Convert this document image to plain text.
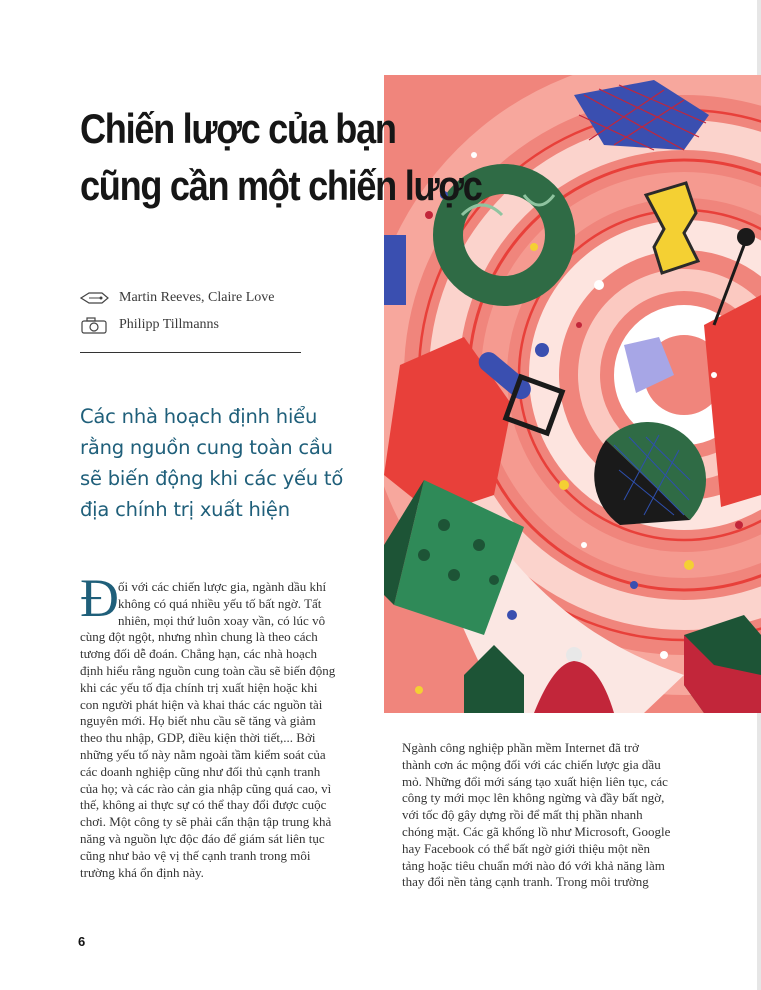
Chiến lược của bạn
cũng cần một chiến lược
Martin Reeves, Claire Love
Philipp Tillmanns
Các nhà hoạch định hiểu
rằng nguồn cung toàn cầu
sẽ biến động khi các yếu tố
địa chính trị xuất hiện
Đ ối với các chiến lược gia, ngành dầu khí
không có quá nhiều yếu tố bất ngờ. Tất
nhiên, mọi thứ luôn xoay vần, có lúc vô
cùng đột ngột, nhưng nhìn chung là theo cách
tương đối dễ đoán. Chẳng hạn, các nhà hoạch
định hiểu rằng nguồn cung toàn cầu sẽ biến động
khi các yếu tố địa chính trị xuất hiện hoặc khi
con người phát hiện và khai thác các nguồn tài
nguyên mới. Họ biết nhu cầu sẽ tăng và giảm
theo thu nhập, GDP, điều kiện thời tiết,... Bởi
những yếu tố này nằm ngoài tầm kiểm soát của
các doanh nghiệp cũng như đối thủ cạnh tranh
của họ; và các rào cản gia nhập cũng quá cao, vì
thế, không ai thực sự có thể thay đổi được cuộc
chơi. Một công ty sẽ phải cẩn thận tập trung khả
năng và nguồn lực độc đáo để giám sát liên tục
cũng như bảo vệ vị thế cạnh tranh trong môi
trường khá ổn định này.
Ngành công nghiệp phần mềm Internet đã trở
thành cơn ác mộng đối với các chiến lược gia dầu
mỏ. Những đổi mới sáng tạo xuất hiện liên tục, các
công ty mới mọc lên không ngừng và đầy bất ngờ,
với tốc độ gây dựng rồi để mất thị phần nhanh
chóng mặt. Các gã khổng lồ như Microsoft, Google
hay Facebook có thể bất ngờ giới thiệu một nền
tảng hoặc tiêu chuẩn mới nào đó với khả năng làm
thay đổi nền tảng cạnh tranh. Trong môi trường
6
